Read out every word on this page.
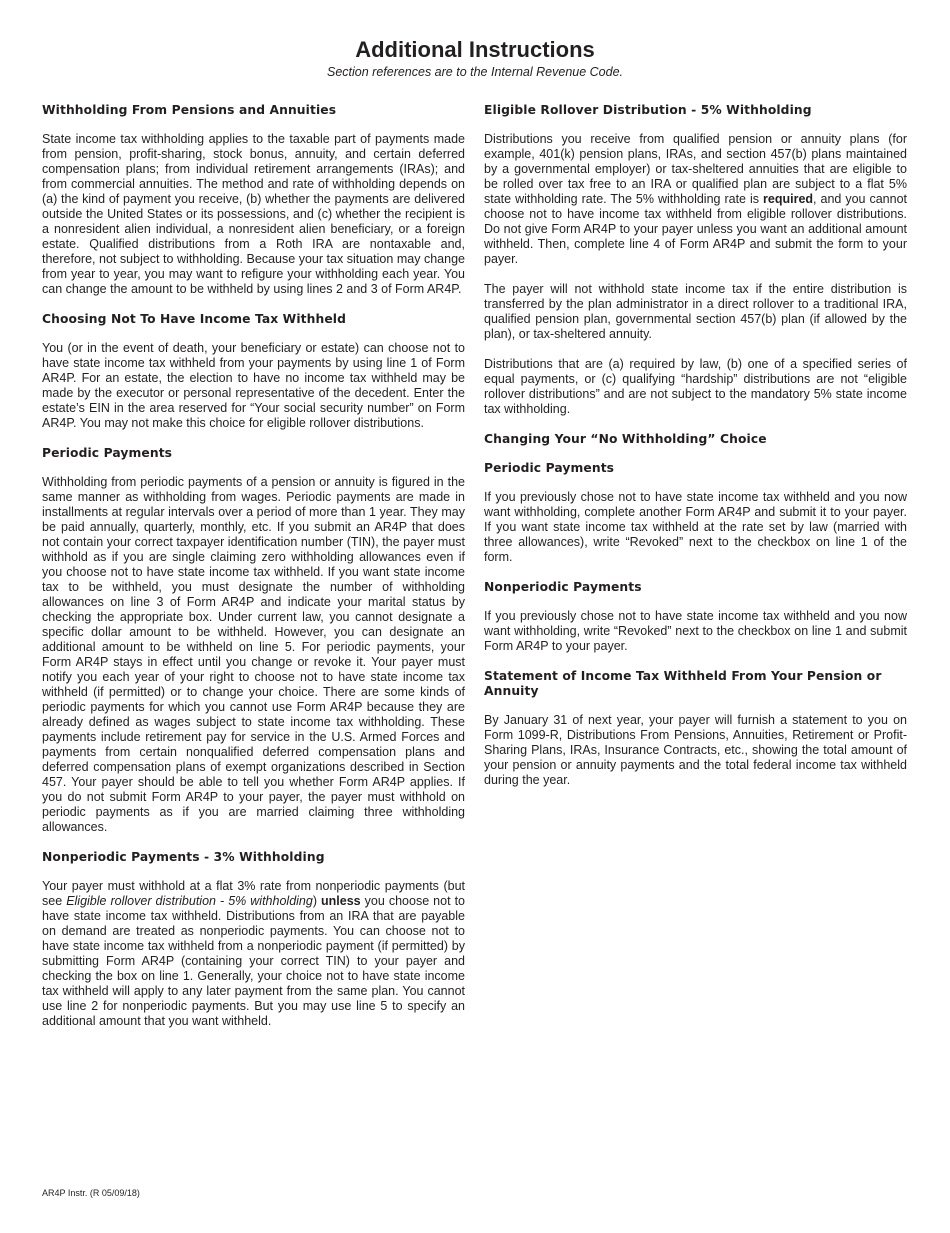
Additional Instructions
Section references are to the Internal Revenue Code.
Withholding From Pensions and Annuities

State income tax withholding applies to the taxable part of payments made from pension, profit-sharing, stock bonus, annuity, and certain deferred compensation plans; from individual retirement arrangements (IRAs); and from commercial annuities. The method and rate of withholding depends on (a) the kind of payment you receive, (b) whether the payments are delivered outside the United States or its possessions, and (c) whether the recipient is a nonresident alien individual, a nonresident alien beneficiary, or a foreign estate. Qualified distributions from a Roth IRA are nontaxable and, therefore, not subject to withholding. Because your tax situation may change from year to year, you may want to refigure your withholding each year. You can change the amount to be withheld by using lines 2 and 3 of Form AR4P.

Choosing Not To Have Income Tax Withheld

You (or in the event of death, your beneficiary or estate) can choose not to have state income tax withheld from your payments by using line 1 of Form AR4P. For an estate, the election to have no income tax withheld may be made by the executor or personal representative of the decedent. Enter the estate’s EIN in the area reserved for “Your social security number” on Form AR4P. You may not make this choice for eligible rollover distributions.

Periodic Payments

Withholding from periodic payments of a pension or annuity is figured in the same manner as withholding from wages. Periodic payments are made in installments at regular intervals over a period of more than 1 year. They may be paid annually, quarterly, monthly, etc. If you submit an AR4P that does not contain your correct taxpayer identification number (TIN), the payer must withhold as if you are single claiming zero withholding allowances even if you choose not to have state income tax withheld. If you want state income tax to be withheld, you must designate the number of withholding allowances on line 3 of Form AR4P and indicate your marital status by checking the appropriate box. Under current law, you cannot designate a specific dollar amount to be withheld. However, you can designate an additional amount to be withheld on line 5. For periodic payments, your Form AR4P stays in effect until you change or revoke it. Your payer must notify you each year of your right to choose not to have state income tax withheld (if permitted) or to change your choice. There are some kinds of periodic payments for which you cannot use Form AR4P because they are already defined as wages subject to state income tax withholding. These payments include retirement pay for service in the U.S. Armed Forces and payments from certain nonqualified deferred compensation plans and deferred compensation plans of exempt organizations described in Section 457. Your payer should be able to tell you whether Form AR4P applies. If you do not submit Form AR4P to your payer, the payer must withhold on periodic payments as if you are married claiming three withholding allowances.

Nonperiodic Payments - 3% Withholding

Your payer must withhold at a flat 3% rate from nonperiodic payments (but see Eligible rollover distribution - 5% withholding) unless you choose not to have state income tax withheld. Distributions from an IRA that are payable on demand are treated as nonperiodic payments. You can choose not to have state income tax withheld from a nonperiodic payment (if permitted) by submitting Form AR4P (containing your correct TIN) to your payer and checking the box on line 1. Generally, your choice not to have state income tax withheld will apply to any later payment from the same plan. You cannot use line 2 for nonperiodic payments. But you may use line 5 to specify an additional amount that you want withheld.

Eligible Rollover Distribution - 5% Withholding

Distributions you receive from qualified pension or annuity plans (for example, 401(k) pension plans, IRAs, and section 457(b) plans maintained by a governmental employer) or tax-sheltered annuities that are eligible to be rolled over tax free to an IRA or qualified plan are subject to a flat 5% state withholding rate. The 5% withholding rate is required, and you cannot choose not to have income tax withheld from eligible rollover distributions. Do not give Form AR4P to your payer unless you want an additional amount withheld. Then, complete line 4 of Form AR4P and submit the form to your payer.

The payer will not withhold state income tax if the entire distribution is transferred by the plan administrator in a direct rollover to a traditional IRA, qualified pension plan, governmental section 457(b) plan (if allowed by the plan), or tax-sheltered annuity.

Distributions that are (a) required by law, (b) one of a specified series of equal payments, or (c) qualifying “hardship” distributions are not “eligible rollover distributions” and are not subject to the mandatory 5% state income tax withholding.

Changing Your “No Withholding” Choice
Periodic Payments

If you previously chose not to have state income tax withheld and you now want withholding, complete another Form AR4P and submit it to your payer. If you want state income tax withheld at the rate set by law (married with three allowances), write “Revoked” next to the checkbox on line 1 of the form.

Nonperiodic Payments

If you previously chose not to have state income tax withheld and you now want withholding, write “Revoked” next to the checkbox on line 1 and submit Form AR4P to your payer.

Statement of Income Tax Withheld From Your Pension or Annuity

By January 31 of next year, your payer will furnish a statement to you on Form 1099-R, Distributions From Pensions, Annuities, Retirement or Profit-Sharing Plans, IRAs, Insurance Contracts, etc., showing the total amount of your pension or annuity payments and the total federal income tax withheld during the year.

AR4P Instr. (R 05/09/18)
